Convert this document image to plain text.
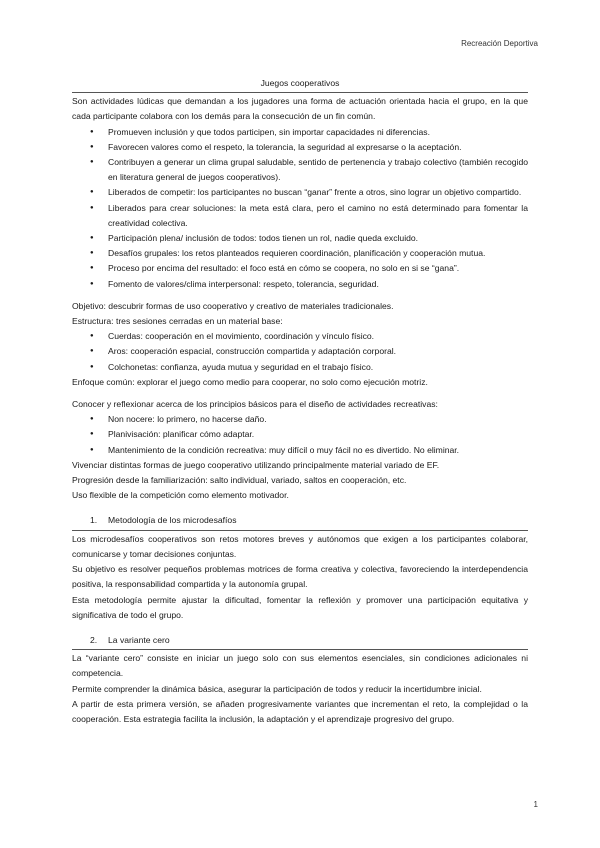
Recreación Deportiva

Juegos cooperativos

Son actividades lúdicas que demandan a los jugadores una forma de actuación orientada hacia el grupo, en la que cada participante colabora con los demás para la consecución de un fin común.

● Promueven inclusión y que todos participen, sin importar capacidades ni diferencias.
● Favorecen valores como el respeto, la tolerancia, la seguridad al expresarse o la aceptación.
● Contribuyen a generar un clima grupal saludable, sentido de pertenencia y trabajo colectivo (también recogido en literatura general de juegos cooperativos).
● Liberados de competir: los participantes no buscan “ganar” frente a otros, sino lograr un objetivo compartido.
● Liberados para crear soluciones: la meta está clara, pero el camino no está determinado para fomentar la creatividad colectiva.
● Participación plena/ inclusión de todos: todos tienen un rol, nadie queda excluido.
● Desafíos grupales: los retos planteados requieren coordinación, planificación y cooperación mutua.
● Proceso por encima del resultado: el foco está en cómo se coopera, no solo en si se “gana”.
● Fomento de valores/clima interpersonal: respeto, tolerancia, seguridad.

Objetivo: descubrir formas de uso cooperativo y creativo de materiales tradicionales.

Estructura: tres sesiones cerradas en un material base:

● Cuerdas: cooperación en el movimiento, coordinación y vínculo físico.
● Aros: cooperación espacial, construcción compartida y adaptación corporal.
● Colchonetas: confianza, ayuda mutua y seguridad en el trabajo físico.

Enfoque común: explorar el juego como medio para cooperar, no solo como ejecución motriz.

Conocer y reflexionar acerca de los principios básicos para el diseño de actividades recreativas:

● Non nocere: lo primero, no hacerse daño.
● Planivisación: planificar cómo adaptar.
● Mantenimiento de la condición recreativa: muy difícil o muy fácil no es divertido. No eliminar.

Vivenciar distintas formas de juego cooperativo utilizando principalmente material variado de EF.

Progresión desde la familiarización: salto individual, variado, saltos en cooperación, etc.

Uso flexible de la competición como elemento motivador.

1.	Metodología de los microdesafíos

Los microdesafíos cooperativos son retos motores breves y autónomos que exigen a los participantes colaborar, comunicarse y tomar decisiones conjuntas.

Su objetivo es resolver pequeños problemas motrices de forma creativa y colectiva, favoreciendo la interdependencia positiva, la responsabilidad compartida y la autonomía grupal.

Esta metodología permite ajustar la dificultad, fomentar la reflexión y promover una participación equitativa y significativa de todo el grupo.

2.	La variante cero

La “variante cero” consiste en iniciar un juego solo con sus elementos esenciales, sin condiciones adicionales ni competencia.

Permite comprender la dinámica básica, asegurar la participación de todos y reducir la incertidumbre inicial.

A partir de esta primera versión, se añaden progresivamente variantes que incrementan el reto, la complejidad o la cooperación. Esta estrategia facilita la inclusión, la adaptación y el aprendizaje progresivo del grupo.

1
